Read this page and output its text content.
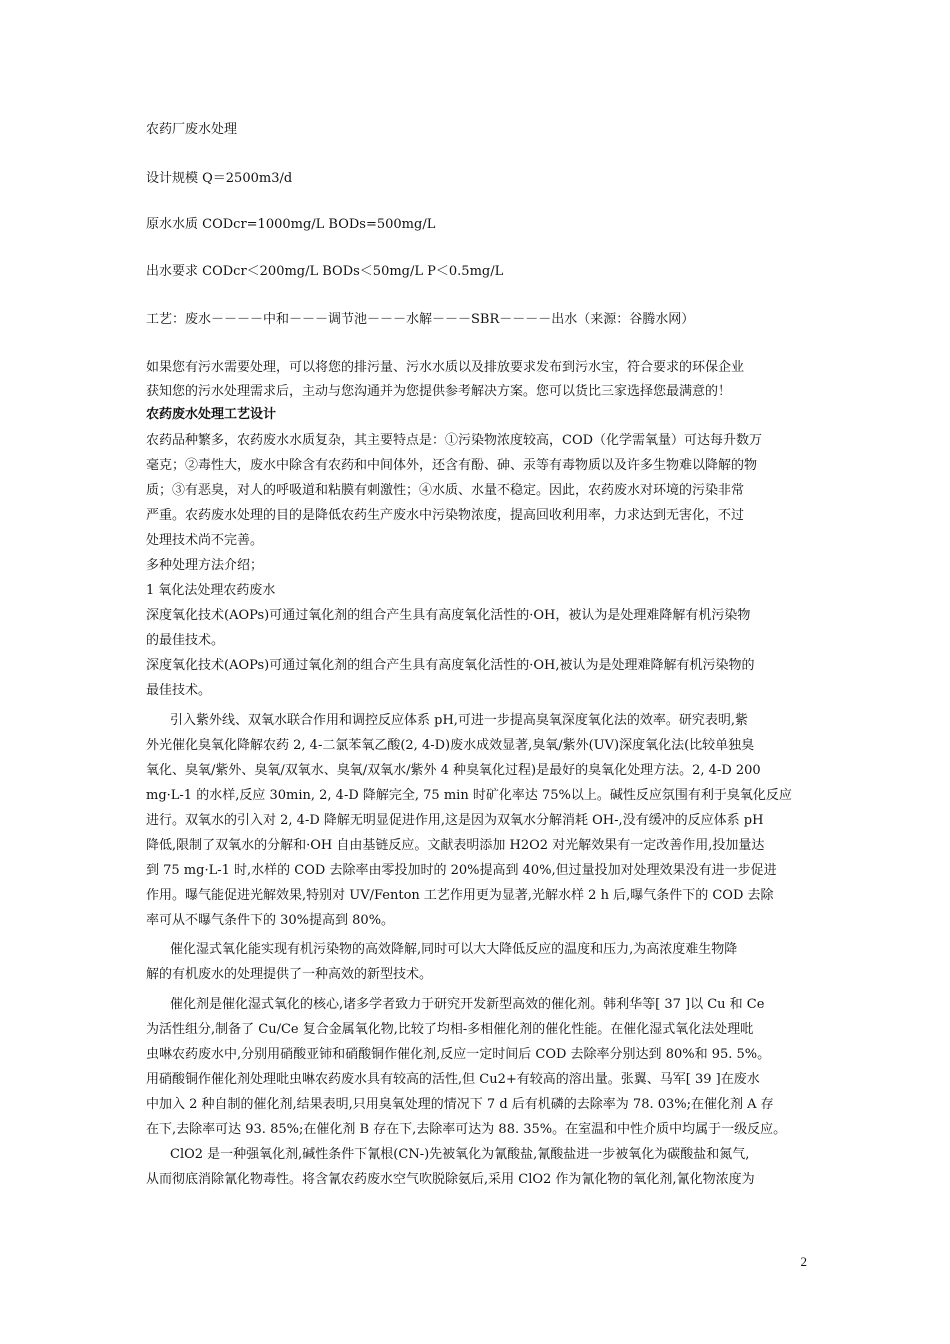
农药厂废水处理
设计规模 Q＝2500m3/d
原水水质 CODcr=1000mg/L BODs=500mg/L
出水要求 CODcr＜200mg/L BODs＜50mg/L P＜0.5mg/L
工艺：废水－－－－中和－－－调节池－－－水解－－－SBR－－－－出水（来源：谷腾水网）
如果您有污水需要处理，可以将您的排污量、污水水质以及排放要求发布到污水宝，符合要求的环保企业
获知您的污水处理需求后，主动与您沟通并为您提供参考解决方案。您可以货比三家选择您最满意的！
农药废水处理工艺设计
农药品种繁多，农药废水水质复杂，其主要特点是：①污染物浓度较高，COD（化学需氧量）可达每升数万
毫克；②毒性大，废水中除含有农药和中间体外，还含有酚、砷、汞等有毒物质以及许多生物难以降解的物
质；③有恶臭，对人的呼吸道和粘膜有刺激性；④水质、水量不稳定。因此，农药废水对环境的污染非常
严重。农药废水处理的目的是降低农药生产废水中污染物浓度，提高回收利用率，力求达到无害化，不过
处理技术尚不完善。
多种处理方法介绍；
1 氧化法处理农药废水
深度氧化技术(AOPs)可通过氧化剂的组合产生具有高度氧化活性的·OH，被认为是处理难降解有机污染物
的最佳技术。
深度氧化技术(AOPs)可通过氧化剂的组合产生具有高度氧化活性的·OH,被认为是处理难降解有机污染物的
最佳技术。
引入紫外线、双氧水联合作用和调控反应体系 pH,可进一步提高臭氧深度氧化法的效率。研究表明,紫
外光催化臭氧化降解农药 2, 4-二氯苯氧乙酸(2, 4-D)废水成效显著,臭氧/紫外(UV)深度氧化法(比较单独臭
氧化、臭氧/紫外、臭氧/双氧水、臭氧/双氧水/紫外 4 种臭氧化过程)是最好的臭氧化处理方法。2, 4-D 200
mg·L-1 的水样,反应 30min, 2, 4-D 降解完全, 75 min 时矿化率达 75%以上。碱性反应氛围有利于臭氧化反应
进行。双氧水的引入对 2, 4-D 降解无明显促进作用,这是因为双氧水分解消耗 OH-,没有缓冲的反应体系 pH
降低,限制了双氧水的分解和·OH 自由基链反应。文献表明添加 H2O2 对光解效果有一定改善作用,投加量达
到 75 mg·L-1 时,水样的 COD 去除率由零投加时的 20%提高到 40%,但过量投加对处理效果没有进一步促进
作用。曝气能促进光解效果,特别对 UV/Fenton 工艺作用更为显著,光解水样 2 h 后,曝气条件下的 COD 去除
率可从不曝气条件下的 30%提高到 80%。
催化湿式氧化能实现有机污染物的高效降解,同时可以大大降低反应的温度和压力,为高浓度难生物降
解的有机废水的处理提供了一种高效的新型技术。
催化剂是催化湿式氧化的核心,诸多学者致力于研究开发新型高效的催化剂。韩利华等[ 37 ]以 Cu 和 Ce
为活性组分,制备了 Cu/Ce 复合金属氧化物,比较了均相-多相催化剂的催化性能。在催化湿式氧化法处理吡
虫啉农药废水中,分别用硝酸亚铈和硝酸铜作催化剂,反应一定时间后 COD 去除率分别达到 80%和 95. 5%。
用硝酸铜作催化剂处理吡虫啉农药废水具有较高的活性,但 Cu2+有较高的溶出量。张翼、马军[ 39 ]在废水
中加入 2 种自制的催化剂,结果表明,只用臭氧处理的情况下 7 d 后有机磷的去除率为 78. 03%;在催化剂 A 存
在下,去除率可达 93. 85%;在催化剂 B 存在下,去除率可达为 88. 35%。在室温和中性介质中均属于一级反应。
ClO2 是一种强氧化剂,碱性条件下氰根(CN-)先被氧化为氰酸盐,氰酸盐进一步被氧化为碳酸盐和氮气,
从而彻底消除氰化物毒性。将含氰农药废水空气吹脱除氨后,采用 ClO2 作为氰化物的氧化剂,氰化物浓度为
2
